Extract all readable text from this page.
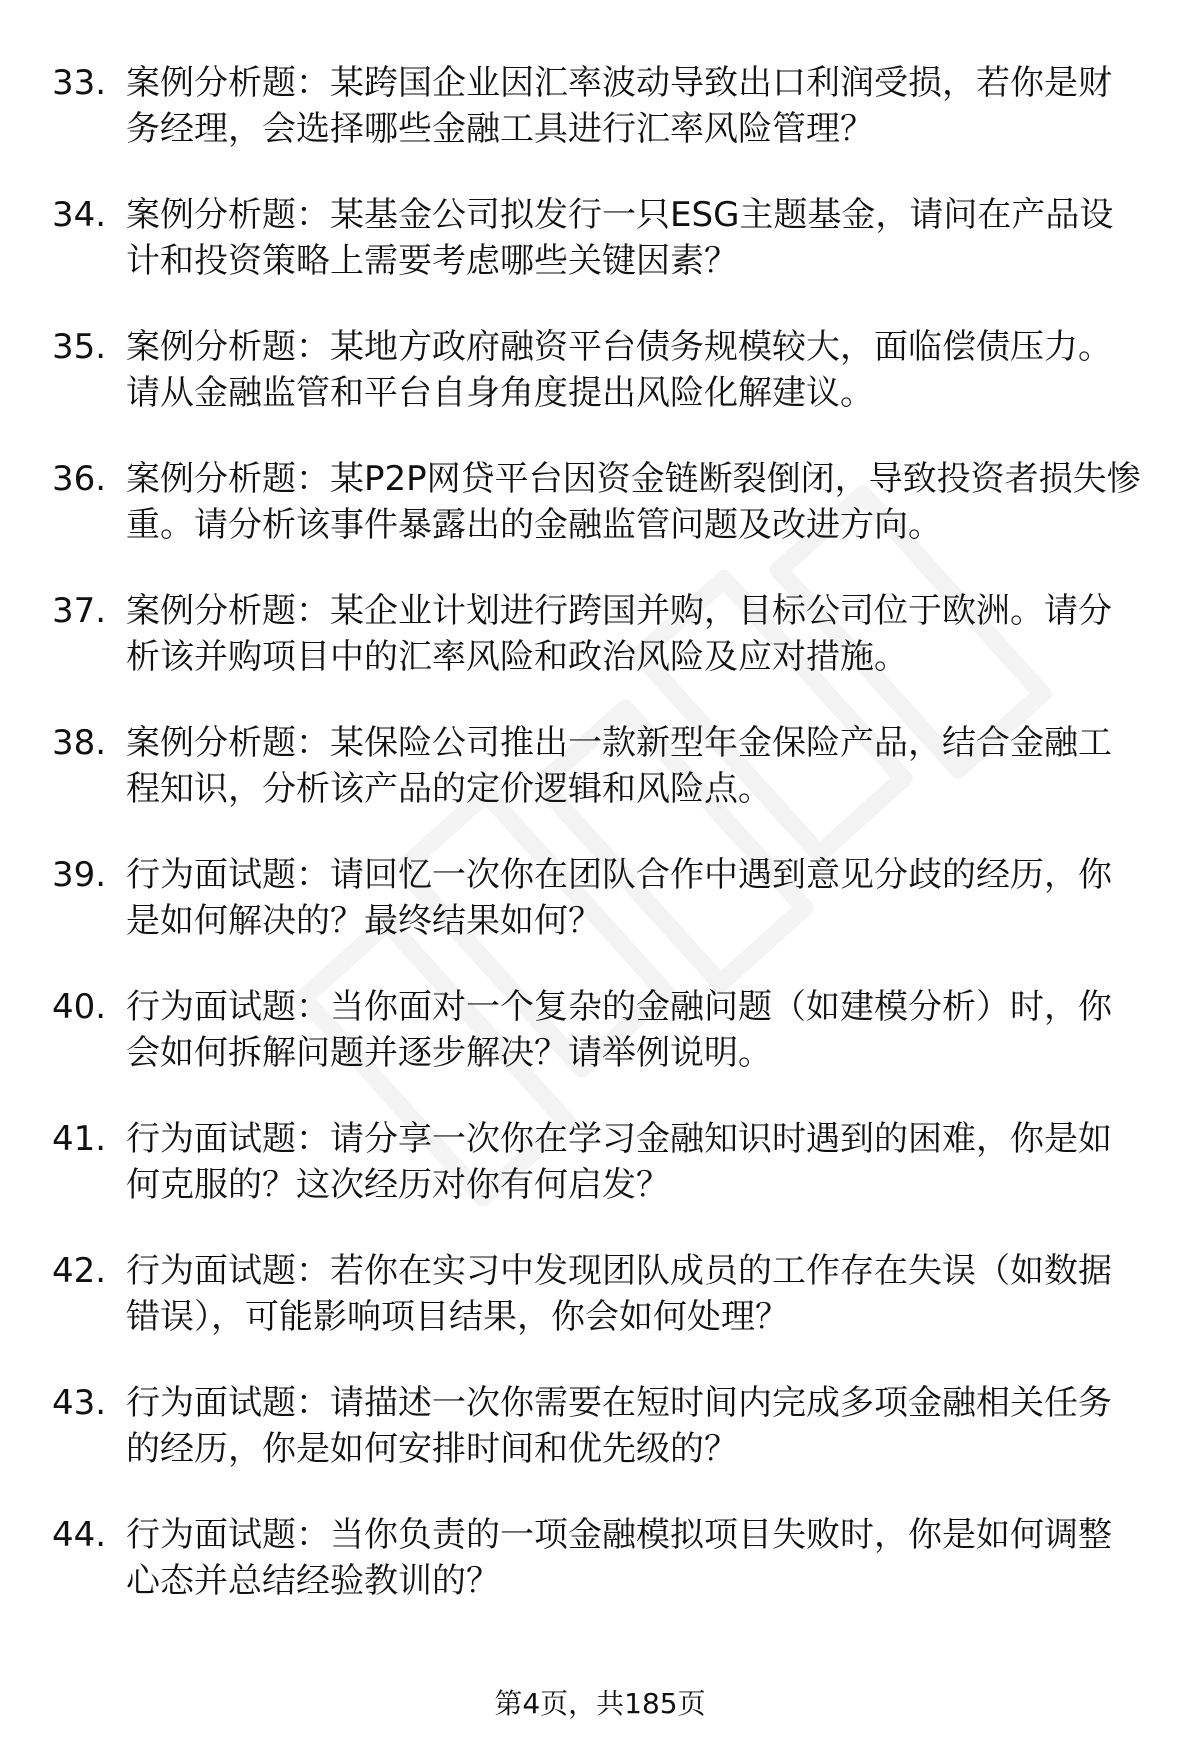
33. 案例分析题：某跨国企业因汇率波动导致出口利润受损，若你是财务经理，会选择哪些金融工具进行汇率风险管理？
34. 案例分析题：某基金公司拟发行一只ESG主题基金，请问在产品设计和投资策略上需要考虑哪些关键因素？
35. 案例分析题：某地方政府融资平台债务规模较大，面临偿债压力。请从金融监管和平台自身角度提出风险化解建议。
36. 案例分析题：某P2P网贷平台因资金链断裂倒闭，导致投资者损失惨重。请分析该事件暴露出的金融监管问题及改进方向。
37. 案例分析题：某企业计划进行跨国并购，目标公司位于欧洲。请分析该并购项目中的汇率风险和政治风险及应对措施。
38. 案例分析题：某保险公司推出一款新型年金保险产品，结合金融工程知识，分析该产品的定价逻辑和风险点。
39. 行为面试题：请回忆一次你在团队合作中遇到意见分歧的经历，你是如何解决的？最终结果如何？
40. 行为面试题：当你面对一个复杂的金融问题（如建模分析）时，你会如何拆解问题并逐步解决？请举例说明。
41. 行为面试题：请分享一次你在学习金融知识时遇到的困难，你是如何克服的？这次经历对你有何启发？
42. 行为面试题：若你在实习中发现团队成员的工作存在失误（如数据错误），可能影响项目结果，你会如何处理？
43. 行为面试题：请描述一次你需要在短时间内完成多项金融相关任务的经历，你是如何安排时间和优先级的？
44. 行为面试题：当你负责的一项金融模拟项目失败时，你是如何调整心态并总结经验教训的？
第4页，共185页
